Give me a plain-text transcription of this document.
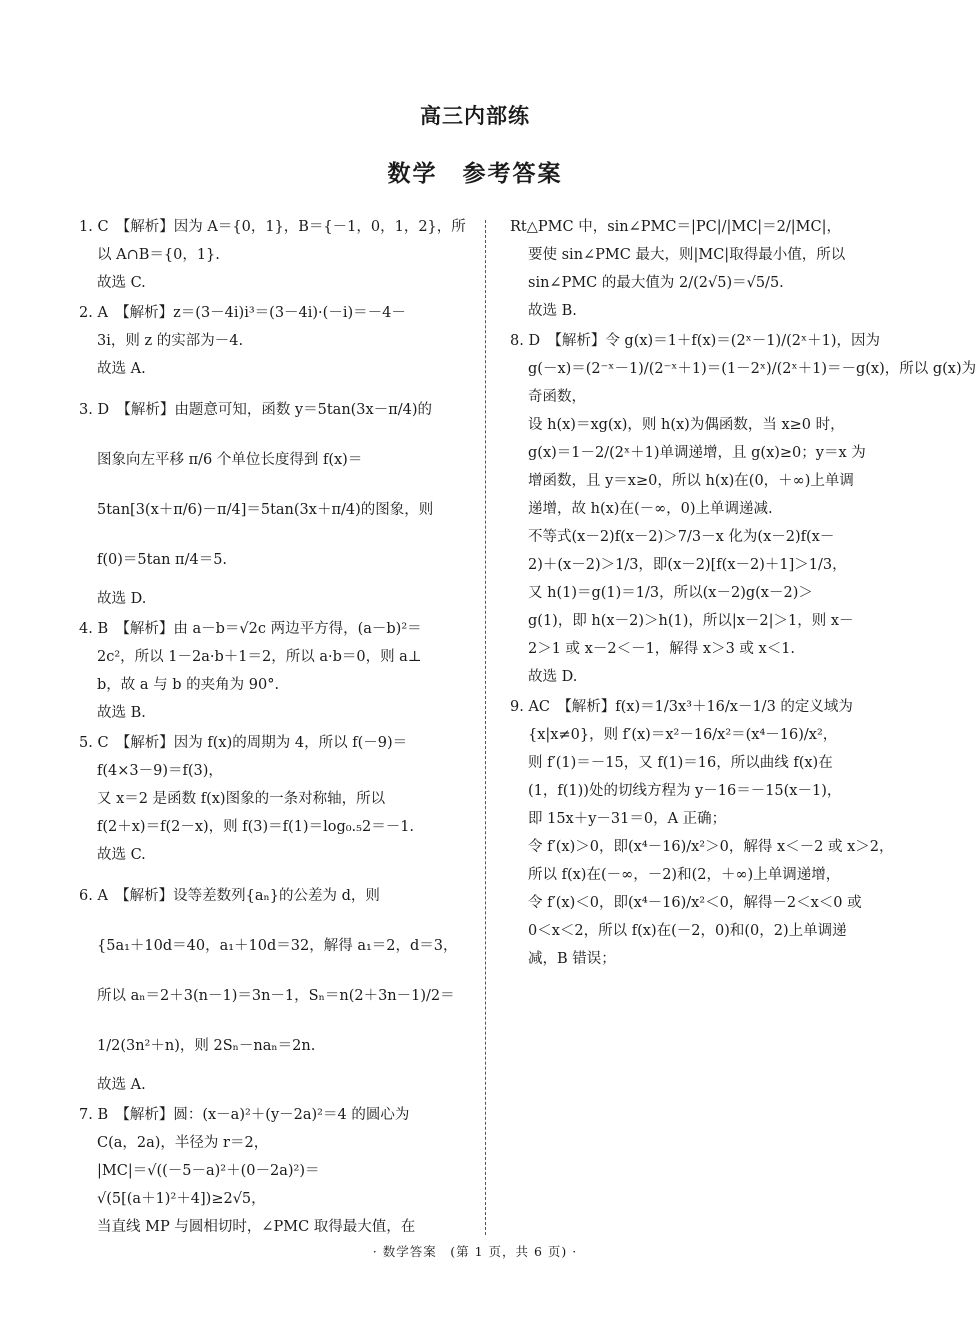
高三内部练
数学　参考答案
1. C　【解析】因为 A＝{0，1}，B＝{－1，0，1，2}，所
以 A∩B＝{0，1}.
故选 C.
2. A　【解析】z＝(3－4i)i³＝(3－4i)·(－i)＝－4－
3i，则 z 的实部为－4.
故选 A.
3. D　【解析】由题意可知，函数 y＝5tan(3x－π/4)的
图象向左平移 π/6 个单位长度得到 f(x)＝
5tan[3(x＋π/6)－π/4]＝5tan(3x＋π/4)的图象，则
f(0)＝5tan π/4＝5.
故选 D.
4. B　【解析】由 a－b＝√2c 两边平方得，(a－b)²＝
2c²，所以 1－2a·b＋1＝2，所以 a·b＝0，则 a⊥
b，故 a 与 b 的夹角为 90°.
故选 B.
5. C　【解析】因为 f(x)的周期为 4，所以 f(－9)＝
f(4×3－9)＝f(3)，
又 x＝2 是函数 f(x)图象的一条对称轴，所以
f(2＋x)＝f(2－x)，则 f(3)＝f(1)＝log₀.₅2＝－1.
故选 C.
6. A　【解析】设等差数列{aₙ}的公差为 d，则
{5a₁＋10d＝40，a₁＋10d＝32，解得 a₁＝2，d＝3，
所以 aₙ＝2＋3(n－1)＝3n－1，Sₙ＝n(2＋3n－1)/2＝
1/2(3n²＋n)，则 2Sₙ－naₙ＝2n.
故选 A.
7. B　【解析】圆：(x－a)²＋(y－2a)²＝4 的圆心为
C(a，2a)，半径为 r＝2，
|MC|＝√((－5－a)²＋(0－2a)²)＝
√(5[(a＋1)²＋4])≥2√5，
当直线 MP 与圆相切时，∠PMC 取得最大值，在
Rt△PMC 中，sin∠PMC＝|PC|/|MC|＝2/|MC|，
要使 sin∠PMC 最大，则|MC|取得最小值，所以
sin∠PMC 的最大值为 2/(2√5)＝√5/5.
故选 B.
8. D　【解析】令 g(x)＝1＋f(x)＝(2ˣ－1)/(2ˣ＋1)，因为
g(－x)＝(2⁻ˣ－1)/(2⁻ˣ＋1)＝(1－2ˣ)/(2ˣ＋1)＝－g(x)，所以 g(x)为
奇函数，
设 h(x)＝xg(x)，则 h(x)为偶函数，当 x≥0 时，
g(x)＝1－2/(2ˣ＋1)单调递增，且 g(x)≥0；y＝x 为
增函数，且 y＝x≥0，所以 h(x)在(0，＋∞)上单调
递增，故 h(x)在(－∞，0)上单调递减.
不等式(x－2)f(x－2)＞7/3－x 化为(x－2)f(x－
2)＋(x－2)＞1/3，即(x－2)[f(x－2)＋1]＞1/3，
又 h(1)＝g(1)＝1/3，所以(x－2)g(x－2)＞
g(1)，即 h(x－2)＞h(1)，所以|x－2|＞1，则 x－
2＞1 或 x－2＜－1，解得 x＞3 或 x＜1.
故选 D.
9. AC　【解析】f(x)＝1/3x³＋16/x－1/3 的定义域为
{x|x≠0}，则 f′(x)＝x²－16/x²＝(x⁴－16)/x²，
则 f′(1)＝－15，又 f(1)＝16，所以曲线 f(x)在
(1，f(1))处的切线方程为 y－16＝－15(x－1)，
即 15x＋y－31＝0，A 正确；
令 f′(x)＞0，即(x⁴－16)/x²＞0，解得 x＜－2 或 x＞2，
所以 f(x)在(－∞，－2)和(2，＋∞)上单调递增，
令 f′(x)＜0，即(x⁴－16)/x²＜0，解得－2＜x＜0 或
0＜x＜2，所以 f(x)在(－2，0)和(0，2)上单调递
减，B 错误；
· 数学答案　(第 1 页，共 6 页) ·
